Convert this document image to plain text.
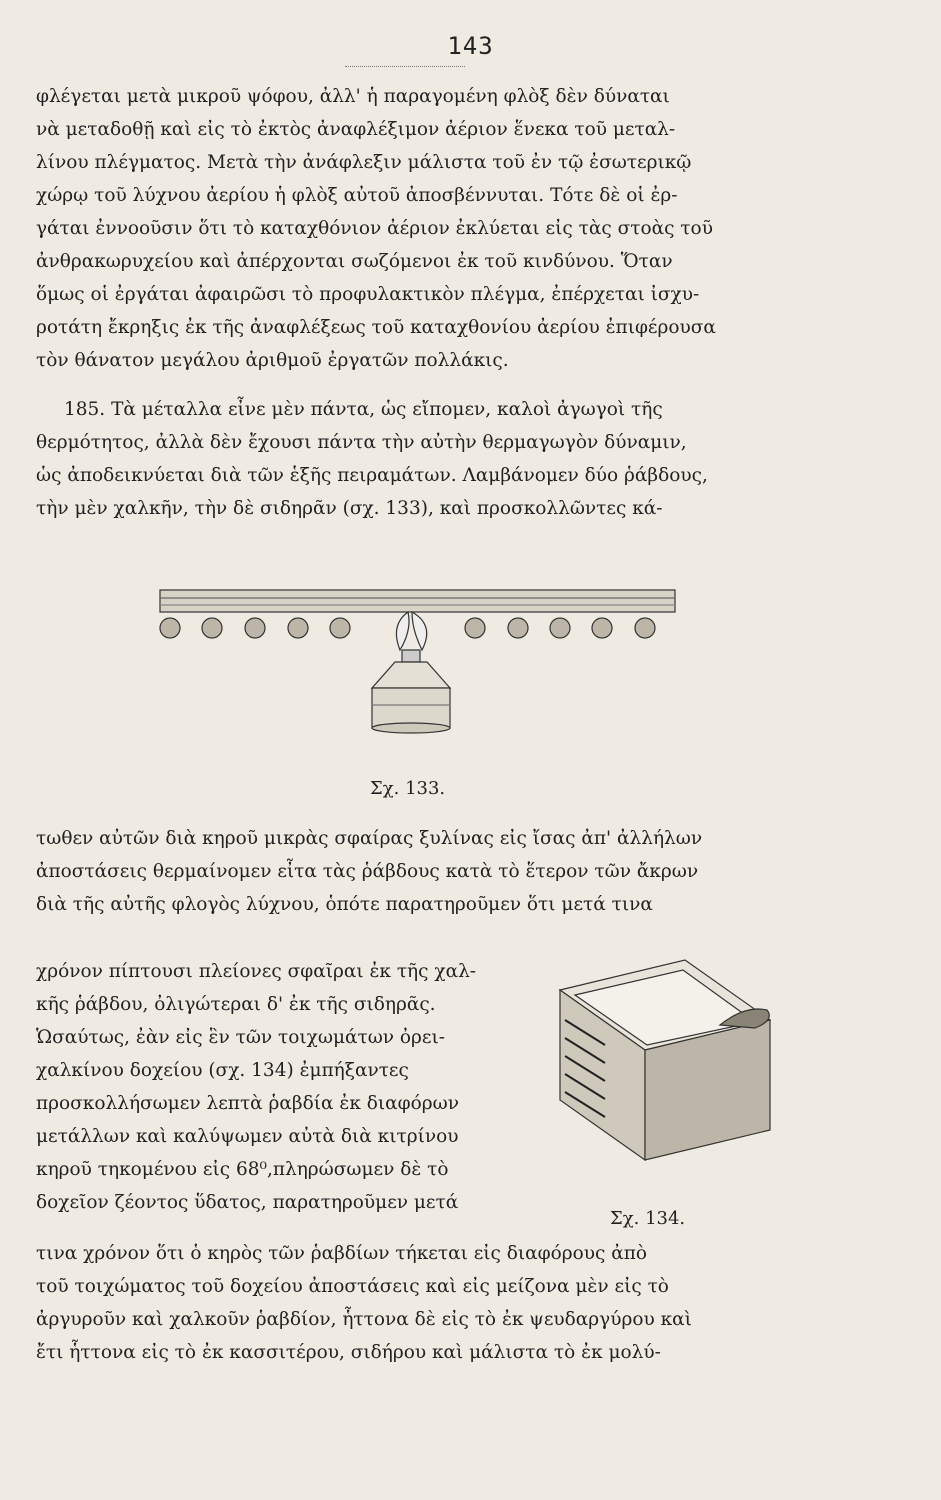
143

φλέγεται μετὰ μικροῦ ψόφου, ἀλλ' ἡ παραγομένη φλὸξ δὲν δύναται
νὰ μεταδοθῇ καὶ εἰς τὸ ἐκτὸς ἀναφλέξιμον ἀέριον ἕνεκα τοῦ μεταλ-
λίνου πλέγματος. Μετὰ τὴν ἀνάφλεξιν μάλιστα τοῦ ἐν τῷ ἐσωτερικῷ
χώρῳ τοῦ λύχνου ἀερίου ἡ φλὸξ αὐτοῦ ἀποσβέννυται. Τότε δὲ οἱ ἐρ-
γάται ἐννοοῦσιν ὅτι τὸ καταχθόνιον ἀέριον ἐκλύεται εἰς τὰς στοὰς τοῦ
ἀνθρακωρυχείου καὶ ἀπέρχονται σωζόμενοι ἐκ τοῦ κινδύνου. Ὅταν
ὅμως οἱ ἐργάται ἀφαιρῶσι τὸ προφυλακτικὸν πλέγμα, ἐπέρχεται ἰσχυ-
ροτάτη ἔκρηξις ἐκ τῆς ἀναφλέξεως τοῦ καταχθονίου ἀερίου ἐπιφέρουσα
τὸν θάνατον μεγάλου ἀριθμοῦ ἐργατῶν πολλάκις.

185. Τὰ μέταλλα εἶνε μὲν πάντα, ὡς εἴπομεν, καλοὶ ἀγωγοὶ τῆς
θερμότητος, ἀλλὰ δὲν ἔχουσι πάντα τὴν αὐτὴν θερμαγωγὸν δύναμιν,
ὡς ἀποδεικνύεται διὰ τῶν ἑξῆς πειραμάτων. Λαμβάνομεν δύο ῥάβδους,
τὴν μὲν χαλκῆν, τὴν δὲ σιδηρᾶν (σχ. 133), καὶ προσκολλῶντες κά-

Σχ. 133.

τωθεν αὐτῶν διὰ κηροῦ μικρὰς σφαίρας ξυλίνας εἰς ἴσας ἀπ' ἀλλήλων
ἀποστάσεις θερμαίνομεν εἶτα τὰς ῥάβδους κατὰ τὸ ἕτερον τῶν ἄκρων
διὰ τῆς αὐτῆς φλογὸς λύχνου, ὁπότε παρατηροῦμεν ὅτι μετά τινα

χρόνον πίπτουσι πλείονες σφαῖραι ἐκ τῆς χαλ-
κῆς ῥάβδου, ὀλιγώτεραι δ' ἐκ τῆς σιδηρᾶς.
Ὡσαύτως, ἐὰν εἰς ἓν τῶν τοιχωμάτων ὀρει-
χαλκίνου δοχείου (σχ. 134) ἐμπήξαντες
προσκολλήσωμεν λεπτὰ ῥαβδία ἐκ διαφόρων
μετάλλων καὶ καλύψωμεν αὐτὰ διὰ κιτρίνου
κηροῦ τηκομένου εἰς 68⁰,πληρώσωμεν δὲ τὸ
δοχεῖον ζέοντος ὕδατος, παρατηροῦμεν μετά

Σχ. 134.

τινα χρόνον ὅτι ὁ κηρὸς τῶν ῥαβδίων τήκεται εἰς διαφόρους ἀπὸ
τοῦ τοιχώματος τοῦ δοχείου ἀποστάσεις καὶ εἰς μείζονα μὲν εἰς τὸ
ἀργυροῦν καὶ χαλκοῦν ῥαβδίον, ἧττονα δὲ εἰς τὸ ἐκ ψευδαργύρου καὶ
ἔτι ἧττονα εἰς τὸ ἐκ κασσιτέρου, σιδήρου καὶ μάλιστα τὸ ἐκ μολύ-
